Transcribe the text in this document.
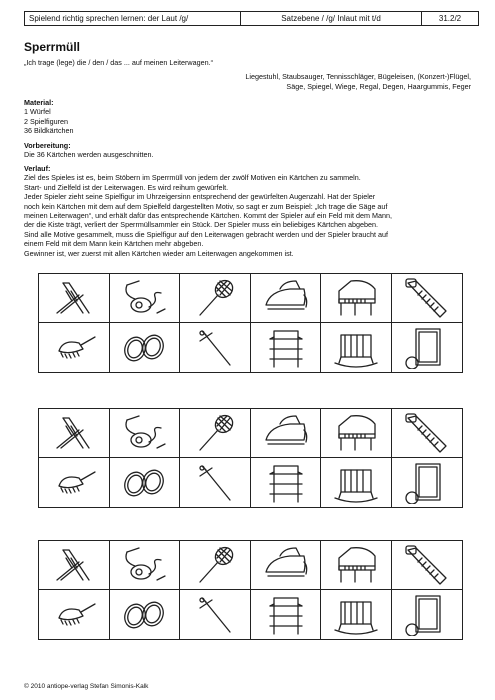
Spielend richtig sprechen lernen: der Laut /g/	Satzebene / /g/ Inlaut mit t/d	31.2/2
Sperrmüll
„Ich trage (lege) die / den / das ... auf meinen Leiterwagen.“
Liegestuhl, Staubsauger, Tennisschläger, Bügeleisen, (Konzert-)Flügel,
Säge, Spiegel, Wiege, Regal, Degen, Haargummis, Feger
Material:
1 Würfel
2 Spielfiguren
36 Bildkärtchen
Vorbereitung:
Die 36 Kärtchen werden ausgeschnitten.
Verlauf:
Ziel des Spieles ist es, beim Stöbern im Sperrmüll von jedem der zwölf Motiven ein Kärtchen zu sammeln.
Start- und Zielfeld ist der Leiterwagen. Es wird reihum gewürfelt.
Jeder Spieler zieht seine Spielfigur im Uhrzeigersinn entsprechend der gewürfelten Augenzahl. Hat der Spieler
noch kein Kärtchen mit dem auf dem Spielfeld dargestellten Motiv, so sagt er zum Beispiel: „Ich trage die Säge auf
meinen Leiterwagen“, und erhält dafür das entsprechende Kärtchen. Kommt der Spieler auf ein Feld mit dem Mann,
der die Kiste trägt, verliert der Sperrmüllsammler ein Stück. Der Spieler muss ein beliebiges Kärtchen abgeben.
Sind alle Motive gesammelt, muss die Spielfigur auf den Leiterwagen gebracht werden und der Spieler braucht auf
einem Feld mit dem Mann kein Kärtchen mehr abgeben.
Gewinner ist, wer zuerst mit allen Kärtchen wieder am Leiterwagen angekommen ist.
© 2010 antiope-verlag Stefan Simonis-Kalk
